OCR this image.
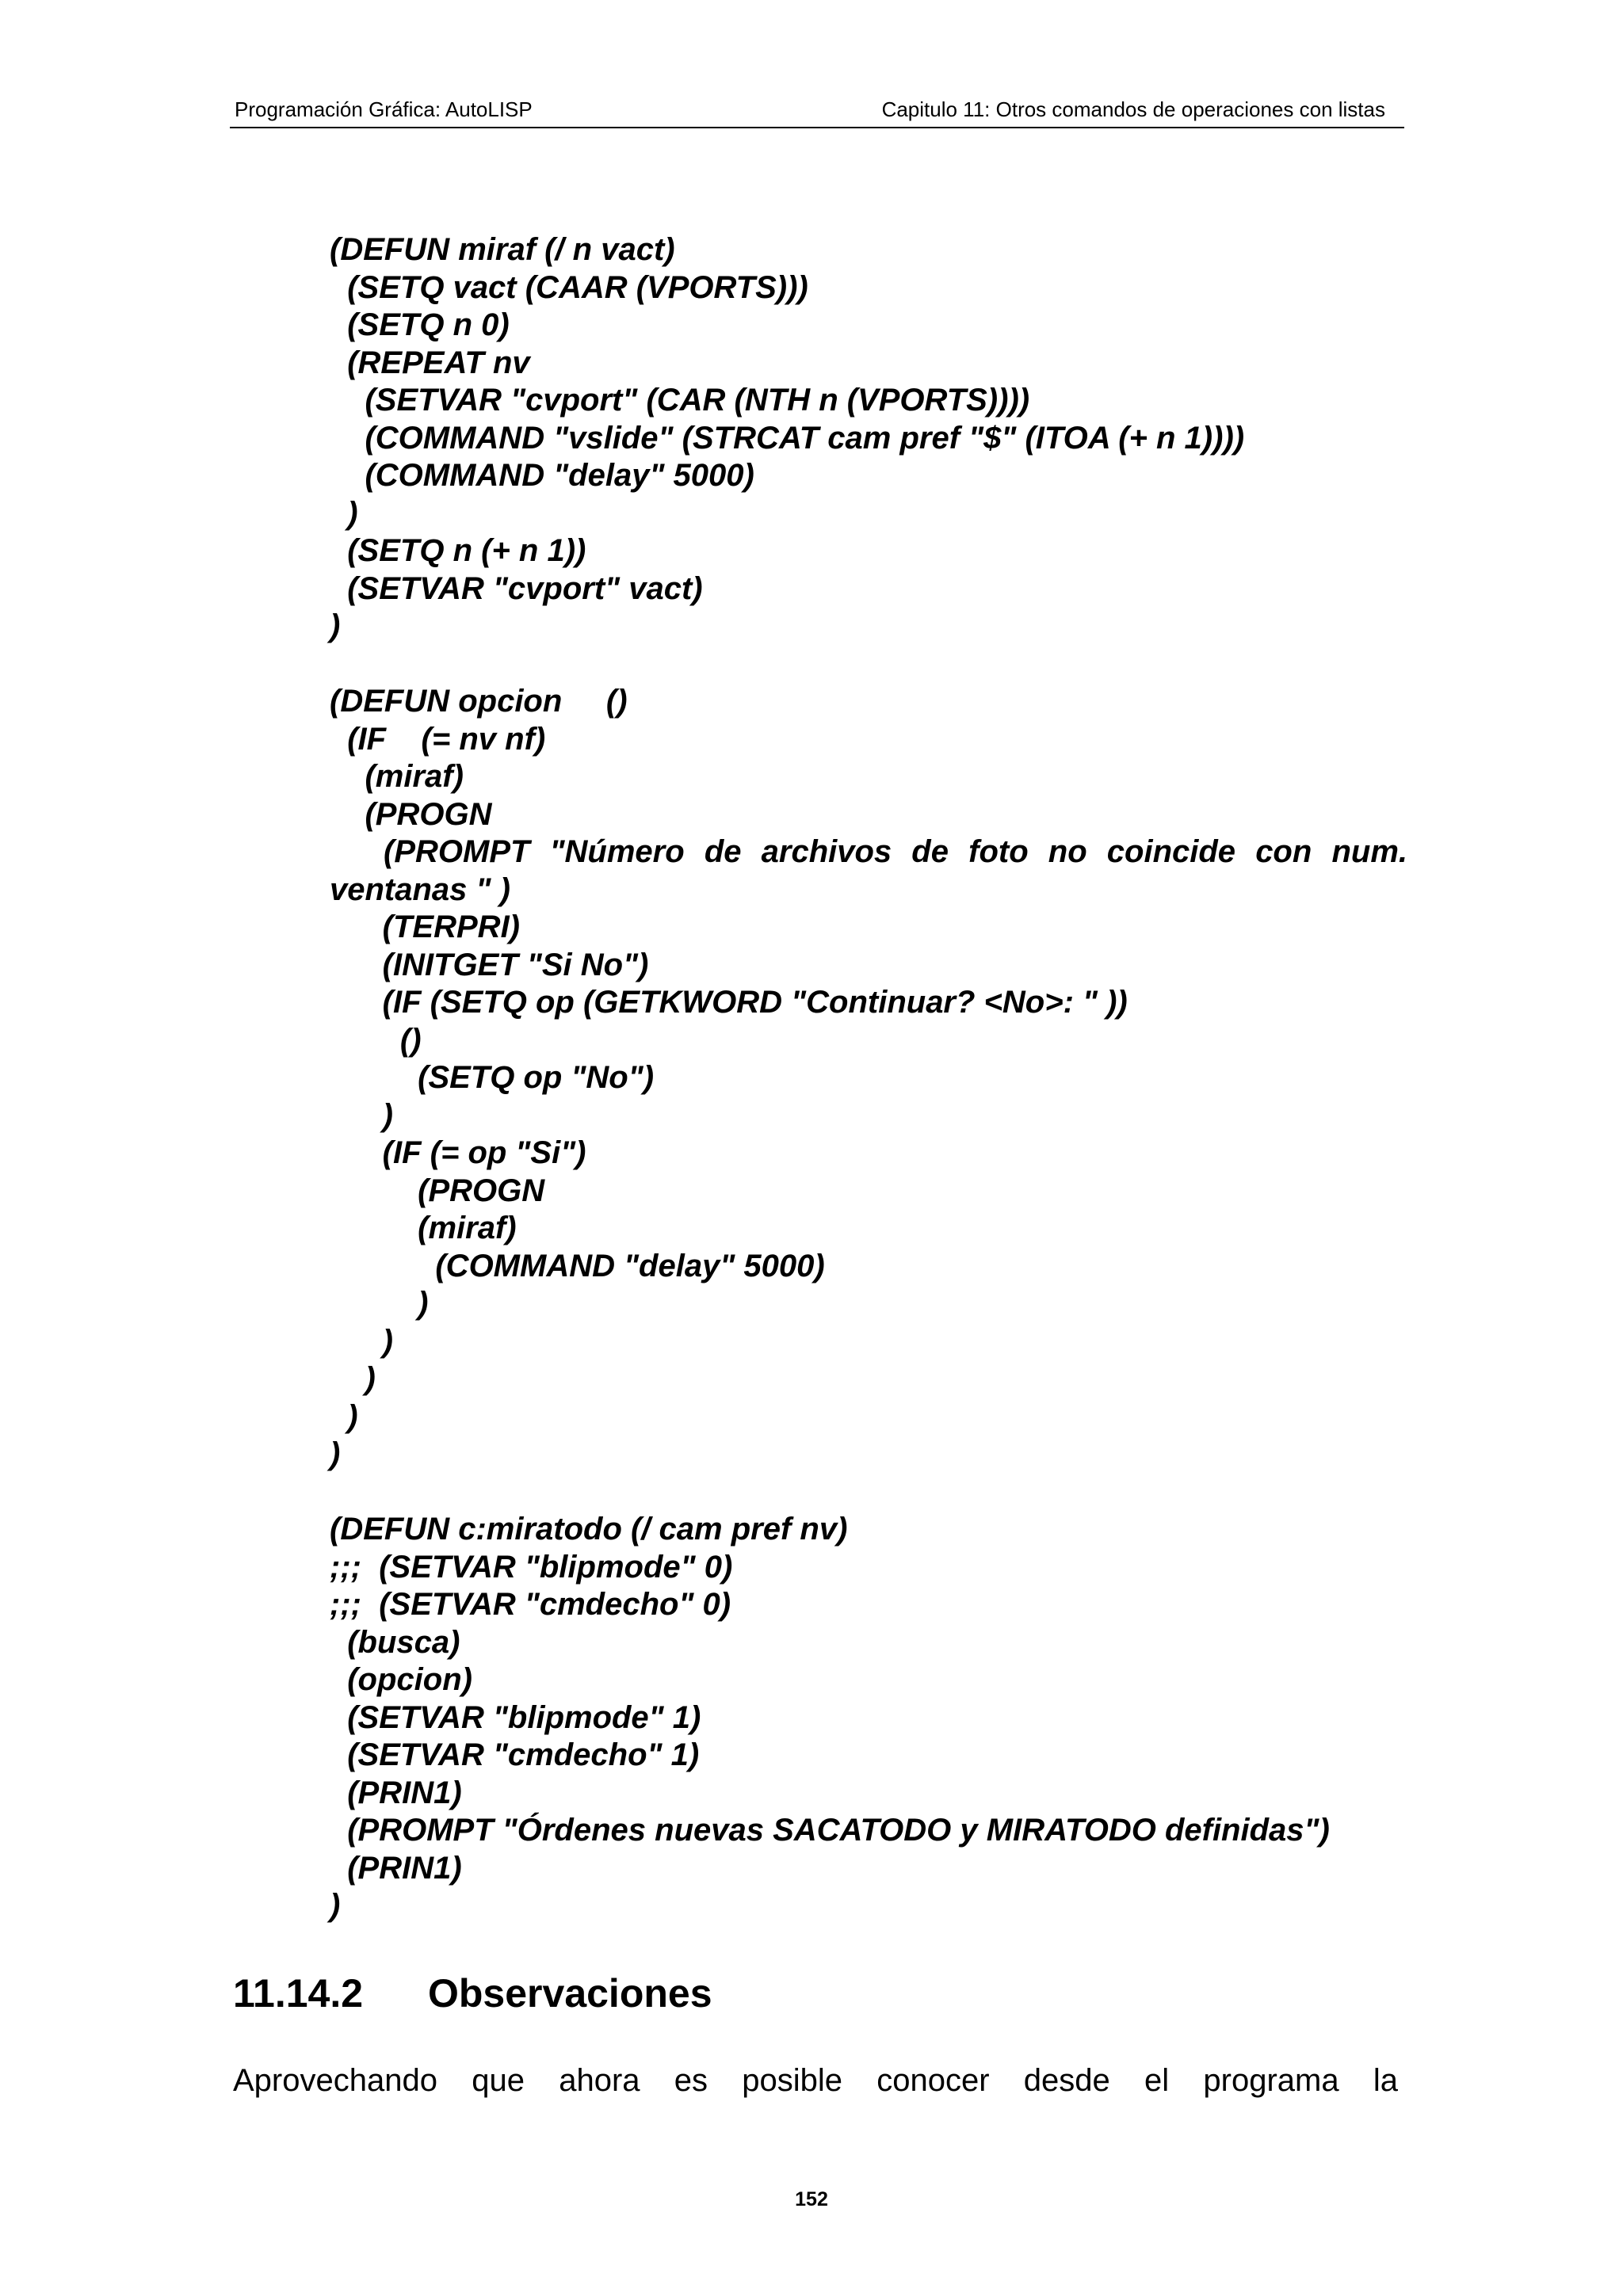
Programación Gráfica: AutoLISP	Capitulo 11: Otros comandos de operaciones con listas
(DEFUN miraf (/ n vact)
(SETQ vact (CAAR (VPORTS)))
(SETQ n 0)
(REPEAT nv
(SETVAR "cvport" (CAR (NTH n (VPORTS))))
(COMMAND "vslide" (STRCAT cam pref "$" (ITOA (+ n 1))))
(COMMAND "delay" 5000)
)
(SETQ n (+ n 1))
(SETVAR "cvport" vact)
)
(DEFUN opcion     ()
(IF    (= nv nf)
(miraf)
(PROGN
(PROMPT "Número de archivos de foto no coincide con num.
ventanas " )
(TERPRI)
(INITGET "Si No")
(IF (SETQ op (GETKWORD "Continuar? <No>: " ))
()
(SETQ op "No")
)
(IF (= op "Si")
(PROGN
(miraf)
(COMMAND "delay" 5000)
)
)
)
)
)
(DEFUN c:miratodo (/ cam pref nv)
;;;  (SETVAR "blipmode" 0)
;;;  (SETVAR "cmdecho" 0)
(busca)
(opcion)
(SETVAR "blipmode" 1)
(SETVAR "cmdecho" 1)
(PRIN1)
(PROMPT "Órdenes nuevas SACATODO y MIRATODO definidas")
(PRIN1)
)
11.14.2 Observaciones
Aprovechando que ahora es posible conocer desde el programa la
152
